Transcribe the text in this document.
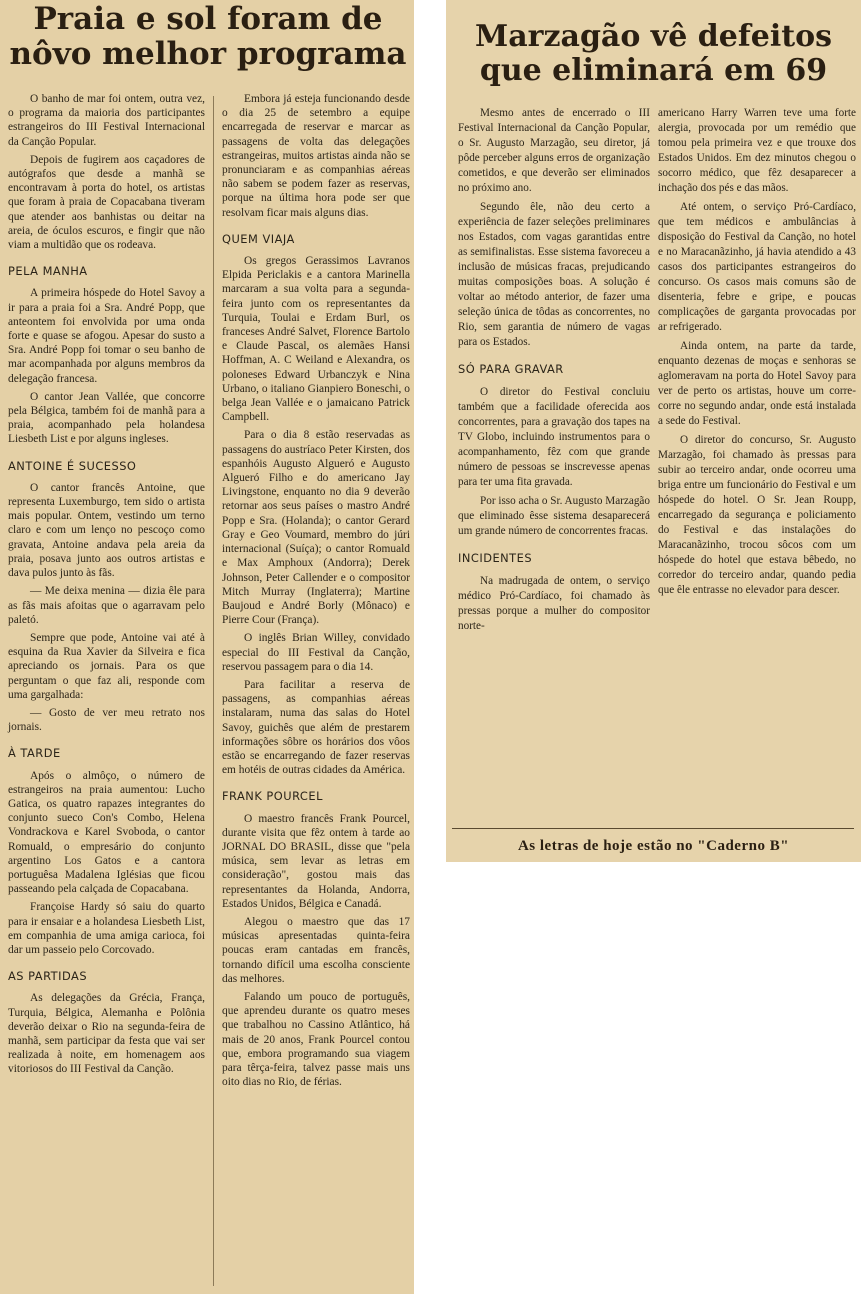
Praia e sol foram de
nôvo melhor programa

O banho de mar foi ontem, outra vez, o programa da maioria dos participantes estrangeiros do III Festival Internacional da Canção Popular.

Depois de fugirem aos caçadores de autógrafos que desde a manhã se encontravam à porta do hotel, os artistas que foram à praia de Copacabana tiveram que atender aos banhistas ou deitar na areia, de óculos escuros, e fingir que não viam a multidão que os rodeava.

PELA MANHA

A primeira hóspede do Hotel Savoy a ir para a praia foi a Sra. André Popp, que anteontem foi envolvida por uma onda forte e quase se afogou. Apesar do susto a Sra. André Popp foi tomar o seu banho de mar acompanhada por alguns membros da delegação francesa.

O cantor Jean Vallée, que concorre pela Bélgica, também foi de manhã para a praia, acompanhado pela holandesa Liesbeth List e por alguns ingleses.

ANTOINE É SUCESSO

O cantor francês Antoine, que representa Luxemburgo, tem sido o artista mais popular. Ontem, vestindo um terno claro e com um lenço no pescoço como gravata, Antoine andava pela areia da praia, posava junto aos outros artistas e dava pulos junto às fãs.

— Me deixa menina — dizia êle para as fãs mais afoitas que o agarravam pelo paletó.

Sempre que pode, Antoine vai até à esquina da Rua Xavier da Silveira e fica apreciando os jornais. Para os que perguntam o que faz ali, responde com uma gargalhada:

— Gosto de ver meu retrato nos jornais.

À TARDE

Após o almôço, o número de estrangeiros na praia aumentou: Lucho Gatica, os quatro rapazes integrantes do conjunto sueco Con's Combo, Helena Vondrackova e Karel Svoboda, o cantor Romuald, o empresário do conjunto argentino Los Gatos e a cantora portuguêsa Madalena Iglésias que ficou passeando pela calçada de Copacabana.

Françoise Hardy só saiu do quarto para ir ensaiar e a holandesa Liesbeth List, em companhia de uma amiga carioca, foi dar um passeio pelo Corcovado.

AS PARTIDAS

As delegações da Grécia, França, Turquia, Bélgica, Alemanha e Polônia deverão deixar o Rio na segunda-feira de manhã, sem participar da festa que vai ser realizada à noite, em homenagem aos vitoriosos do III Festival da Canção.

Embora já esteja funcionando desde o dia 25 de setembro a equipe encarregada de reservar e marcar as passagens de volta das delegações estrangeiras, muitos artistas ainda não se pronunciaram e as companhias aéreas não sabem se podem fazer as reservas, porque na última hora pode ser que resolvam ficar mais alguns dias.

QUEM VIAJA

Os gregos Gerassimos Lavranos Elpida Periclakis e a cantora Marinella marcaram a sua volta para a segunda-feira junto com os representantes da Turquia, Toulai e Erdam Burl, os franceses André Salvet, Florence Bartolo e Claude Pascal, os alemães Hansi Hoffman, A. C Weiland e Alexandra, os poloneses Edward Urbanczyk e Nina Urbano, o italiano Gianpiero Boneschi, o belga Jean Vallée e o jamaicano Patrick Campbell.

Para o dia 8 estão reservadas as passagens do austríaco Peter Kirsten, dos espanhóis Augusto Algueró e Augusto Algueró Filho e do americano Jay Livingstone, enquanto no dia 9 deverão retornar aos seus países o mastro André Popp e Sra. (Holanda); o cantor Gerard Gray e Geo Voumard, membro do júri internacional (Suíça); o cantor Romuald e Max Amphoux (Andorra); Derek Johnson, Peter Callender e o compositor Mitch Murray (Inglaterra); Martine Baujoud e André Borly (Mônaco) e Pierre Cour (França).

O inglês Brian Willey, convidado especial do III Festival da Canção, reservou passagem para o dia 14.

Para facilitar a reserva de passagens, as companhias aéreas instalaram, numa das salas do Hotel Savoy, guichês que além de prestarem informações sôbre os horários dos vôos estão se encarregando de fazer reservas em hotéis de outras cidades da América.

FRANK POURCEL

O maestro francês Frank Pourcel, durante visita que fêz ontem à tarde ao JORNAL DO BRASIL, disse que "pela música, sem levar as letras em consideração", gostou mais das representantes da Holanda, Andorra, Estados Unidos, Bélgica e Canadá.

Alegou o maestro que das 17 músicas apresentadas quinta-feira poucas eram cantadas em francês, tornando difícil uma escolha consciente das melhores.

Falando um pouco de português, que aprendeu durante os quatro meses que trabalhou no Cassino Atlântico, há mais de 20 anos, Frank Pourcel contou que, embora programando sua viagem para têrça-feira, talvez passe mais uns oito dias no Rio, de férias.

Marzagão vê defeitos
que eliminará em 69

Mesmo antes de encerrado o III Festival Internacional da Canção Popular, o Sr. Augusto Marzagão, seu diretor, já pôde perceber alguns erros de organização cometidos, e que deverão ser eliminados no próximo ano.

Segundo êle, não deu certo a experiência de fazer seleções preliminares nos Estados, com vagas garantidas entre as semifinalistas. Esse sistema favoreceu a inclusão de músicas fracas, prejudicando muitas composições boas. A solução é voltar ao método anterior, de fazer uma seleção única de tôdas as concorrentes, no Rio, sem garantia de número de vagas para os Estados.

SÓ PARA GRAVAR

O diretor do Festival concluiu também que a facilidade oferecida aos concorrentes, para a gravação dos tapes na TV Globo, incluindo instrumentos para o acompanhamento, fêz com que grande número de pessoas se inscrevesse apenas para ter uma fita gravada.

Por isso acha o Sr. Augusto Marzagão que eliminado êsse sistema desaparecerá um grande número de concorrentes fracas.

INCIDENTES

Na madrugada de ontem, o serviço médico Pró-Cardíaco, foi chamado às pressas porque a mulher do compositor norte-

americano Harry Warren teve uma forte alergia, provocada por um remédio que tomou pela primeira vez e que trouxe dos Estados Unidos. Em dez minutos chegou o socorro médico, que fêz desaparecer a inchação dos pés e das mãos.

Até ontem, o serviço Pró-Cardíaco, que tem médicos e ambulâncias à disposição do Festival da Canção, no hotel e no Maracanãzinho, já havia atendido a 43 casos dos participantes estrangeiros do concurso. Os casos mais comuns são de disenteria, febre e gripe, e poucas complicações de garganta provocadas por ar refrigerado.

Ainda ontem, na parte da tarde, enquanto dezenas de moças e senhoras se aglomeravam na porta do Hotel Savoy para ver de perto os artistas, houve um corre-corre no segundo andar, onde está instalada a sede do Festival.

O diretor do concurso, Sr. Augusto Marzagão, foi chamado às pressas para subir ao terceiro andar, onde ocorreu uma briga entre um funcionário do Festival e um hóspede do hotel. O Sr. Jean Roupp, encarregado da segurança e policiamento do Festival e das instalações do Maracanãzinho, trocou sôcos com um hóspede do hotel que estava bêbedo, no corredor do terceiro andar, quando pedia que êle entrasse no elevador para descer.

As letras de hoje estão no "Caderno B"
